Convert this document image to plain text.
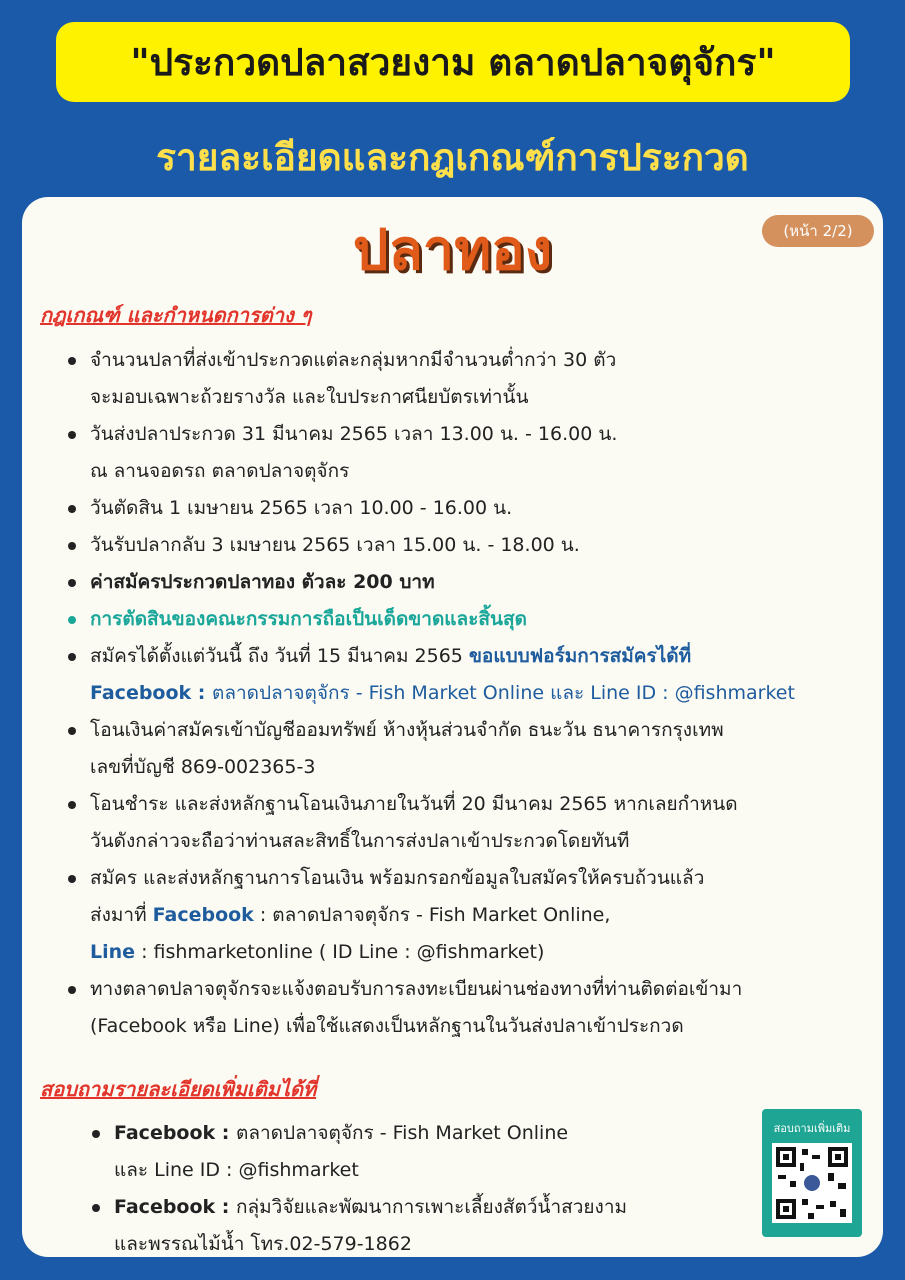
"ประกวดปลาสวยงาม ตลาดปลาจตุจักร"
รายละเอียดและกฎเกณฑ์การประกวด
ปลาทอง	(หน้า 2/2)
กฎเกณฑ์ และกำหนดการต่าง ๆ
จำนวนปลาที่ส่งเข้าประกวดแต่ละกลุ่มหากมีจำนวนต่ำกว่า 30 ตัว
จะมอบเฉพาะถ้วยรางวัล และใบประกาศนียบัตรเท่านั้น
วันส่งปลาประกวด 31 มีนาคม 2565 เวลา 13.00 น. - 16.00 น.
ณ ลานจอดรถ ตลาดปลาจตุจักร
วันตัดสิน 1 เมษายน 2565 เวลา 10.00 - 16.00 น.
วันรับปลากลับ 3 เมษายน 2565 เวลา 15.00 น. - 18.00 น.
ค่าสมัครประกวดปลาทอง ตัวละ 200 บาท
การตัดสินของคณะกรรมการถือเป็นเด็ดขาดและสิ้นสุด
สมัครได้ตั้งแต่วันนี้ ถึง วันที่ 15 มีนาคม 2565 ขอแบบฟอร์มการสมัครได้ที่
Facebook : ตลาดปลาจตุจักร - Fish Market Online และ Line ID : @fishmarket
โอนเงินค่าสมัครเข้าบัญชีออมทรัพย์ ห้างหุ้นส่วนจำกัด ธนะวัน ธนาคารกรุงเทพ
เลขที่บัญชี 869-002365-3
โอนชำระ และส่งหลักฐานโอนเงินภายในวันที่ 20 มีนาคม 2565 หากเลยกำหนด
วันดังกล่าวจะถือว่าท่านสละสิทธิ์ในการส่งปลาเข้าประกวดโดยทันที
สมัคร และส่งหลักฐานการโอนเงิน พร้อมกรอกข้อมูลใบสมัครให้ครบถ้วนแล้ว
ส่งมาที่ Facebook : ตลาดปลาจตุจักร - Fish Market Online,
Line : fishmarketonline ( ID Line : @fishmarket)
ทางตลาดปลาจตุจักรจะแจ้งตอบรับการลงทะเบียนผ่านช่องทางที่ท่านติดต่อเข้ามา
(Facebook หรือ Line) เพื่อใช้แสดงเป็นหลักฐานในวันส่งปลาเข้าประกวด
สอบถามรายละเอียดเพิ่มเติมได้ที่
Facebook : ตลาดปลาจตุจักร - Fish Market Online
และ Line ID : @fishmarket
Facebook : กลุ่มวิจัยและพัฒนาการเพาะเลี้ยงสัตว์น้ำสวยงาม
และพรรณไม้น้ำ โทร.02-579-1862
สอบถามเพิ่มเติม
